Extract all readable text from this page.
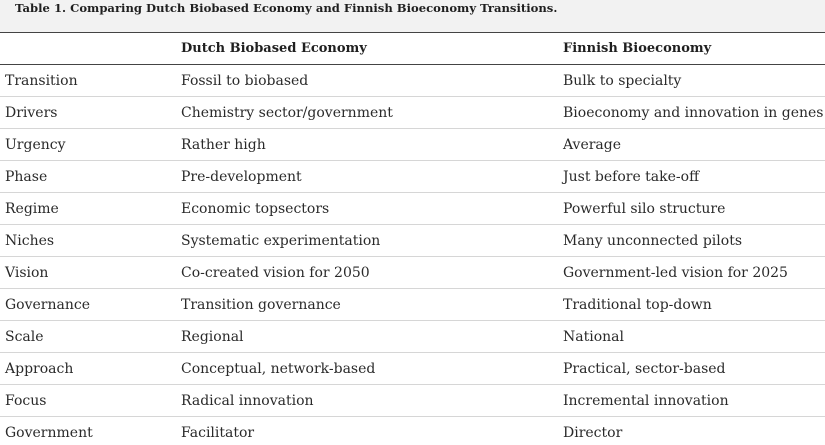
Table 1. Comparing Dutch Biobased Economy and Finnish Bioeconomy Transitions.
	Dutch Biobased Economy	Finnish Bioeconomy
Transition	Fossil to biobased	Bulk to specialty
Drivers	Chemistry sector/government	Bioeconomy and innovation in genes
Urgency	Rather high	Average
Phase	Pre-development	Just before take-off
Regime	Economic topsectors	Powerful silo structure
Niches	Systematic experimentation	Many unconnected pilots
Vision	Co-created vision for 2050	Government-led vision for 2025
Governance	Transition governance	Traditional top-down
Scale	Regional	National
Approach	Conceptual, network-based	Practical, sector-based
Focus	Radical innovation	Incremental innovation
Government	Facilitator	Director
